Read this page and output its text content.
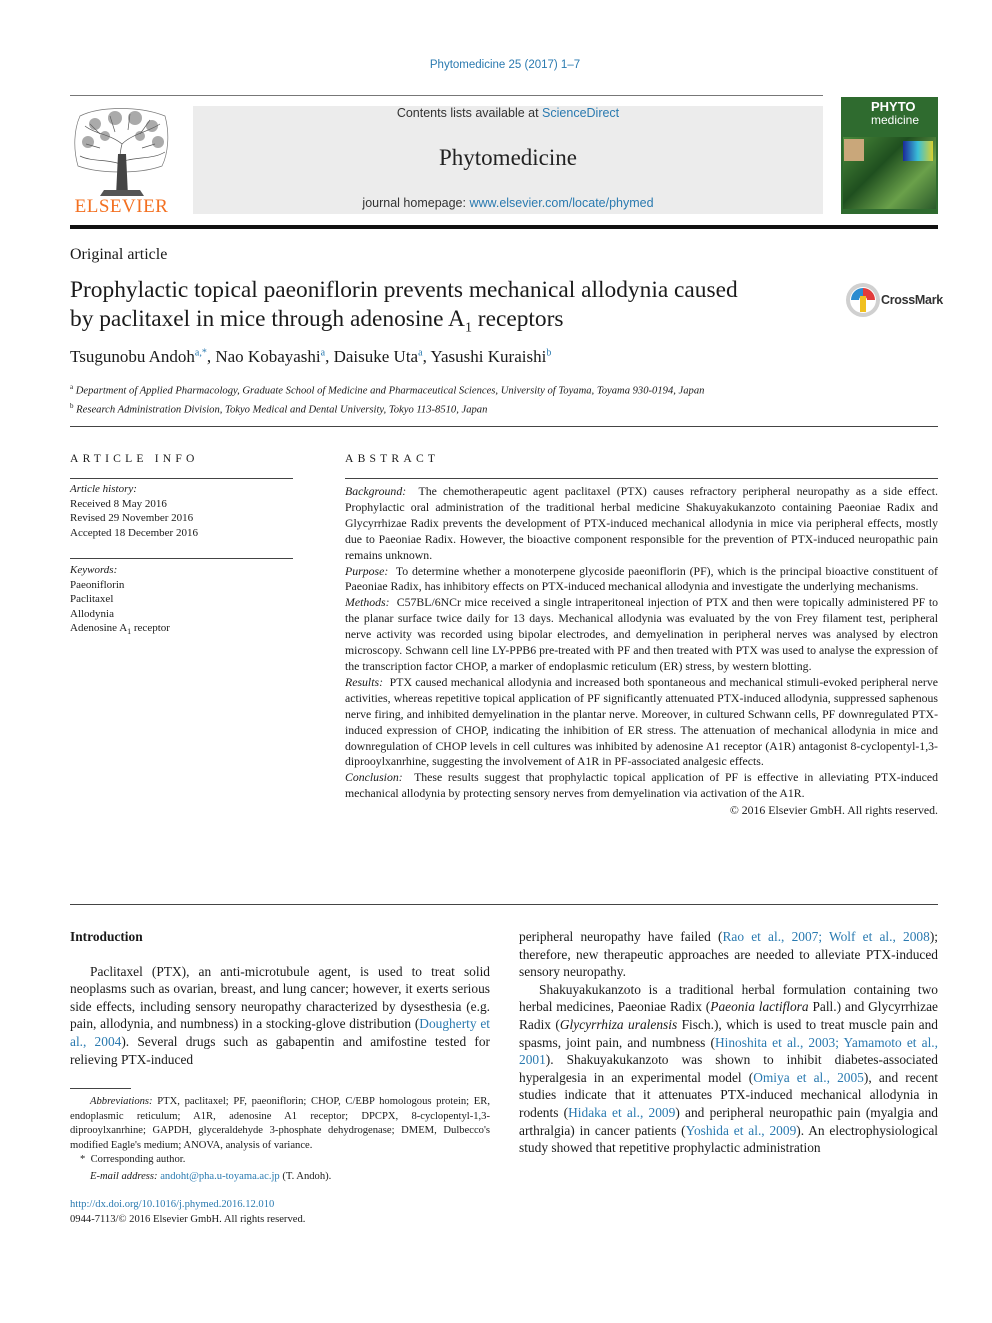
Phytomedicine 25 (2017) 1–7
ELSEVIER
Contents lists available at ScienceDirect
Phytomedicine
journal homepage: www.elsevier.com/locate/phymed
PHYTO
medicine
Original article
Prophylactic topical paeoniflorin prevents mechanical allodynia caused
by paclitaxel in mice through adenosine $A_1$ receptors
CrossMark
Tsugunobu Andoh$^{a,*}$, Nao Kobayashi$^a$, Daisuke Uta$^a$, Yasushi Kuraishi$^b$
$^a$ Department of Applied Pharmacology, Graduate School of Medicine and Pharmaceutical Sciences, University of Toyama, Toyama 930-0194, Japan
$^b$ Research Administration Division, Tokyo Medical and Dental University, Tokyo 113-8510, Japan
ARTICLE INFO
Article history:
Received 8 May 2016
Revised 29 November 2016
Accepted 18 December 2016
Keywords:
Paeoniflorin
Paclitaxel
Allodynia
Adenosine $A_1$ receptor
ABSTRACT

Background: The chemotherapeutic agent paclitaxel (PTX) causes refractory peripheral neuropathy as a side effect. Prophylactic oral administration of the traditional herbal medicine Shakuyakukanzoto containing Paeoniae Radix and Glycyrrhizae Radix prevents the development of PTX-induced mechanical allodynia in mice via peripheral effects, mostly due to Paeoniae Radix. However, the bioactive component responsible for the prevention of PTX-induced neuropathic pain remains unknown.

Purpose: To determine whether a monoterpene glycoside paeoniflorin (PF), which is the principal bioactive constituent of Paeoniae Radix, has inhibitory effects on PTX-induced mechanical allodynia and investigate the underlying mechanisms.

Methods: C57BL/6NCr mice received a single intraperitoneal injection of PTX and then were topically administered PF to the planar surface twice daily for 13 days. Mechanical allodynia was evaluated by the von Frey filament test, peripheral nerve activity was recorded using bipolar electrodes, and demyelination in peripheral nerves was analysed by electron microscopy. Schwann cell line LY-PPB6 pre-treated with PF and then treated with PTX was used to analyse the expression of the transcription factor CHOP, a marker of endoplasmic reticulum (ER) stress, by western blotting.

Results: PTX caused mechanical allodynia and increased both spontaneous and mechanical stimuli-evoked peripheral nerve activities, whereas repetitive topical application of PF significantly attenuated PTX-induced allodynia, suppressed saphenous nerve firing, and inhibited demyelination in the plantar nerve. Moreover, in cultured Schwann cells, PF downregulated PTX-induced expression of CHOP, indicating the inhibition of ER stress. The attenuation of mechanical allodynia in mice and downregulation of CHOP levels in cell cultures was inhibited by adenosine A1 receptor (A1R) antagonist 8-cyclopentyl-1,3-diprooylxanrhine, suggesting the involvement of A1R in PF-associated analgesic effects.

Conclusion: These results suggest that prophylactic topical application of PF is effective in alleviating PTX-induced mechanical allodynia by protecting sensory nerves from demyelination via activation of the A1R.

© 2016 Elsevier GmbH. All rights reserved.

Introduction

Paclitaxel (PTX), an anti-microtubule agent, is used to treat solid neoplasms such as ovarian, breast, and lung cancer; however, it exerts serious side effects, including sensory neuropathy characterized by dysesthesia (e.g. pain, allodynia, and numbness) in a stocking-glove distribution (Dougherty et al., 2004). Several drugs such as gabapentin and amifostine tested for relieving PTX-induced

peripheral neuropathy have failed (Rao et al., 2007; Wolf et al., 2008); therefore, new therapeutic approaches are needed to alleviate PTX-induced sensory neuropathy.

Shakuyakukanzoto is a traditional herbal formulation containing two herbal medicines, Paeoniae Radix (Paeonia lactiflora Pall.) and Glycyrrhizae Radix (Glycyrrhiza uralensis Fisch.), which is used to treat muscle pain and spasms, joint pain, and numbness (Hinoshita et al., 2003; Yamamoto et al., 2001). Shakuyakukanzoto was shown to inhibit diabetes-associated hyperalgesia in an experimental model (Omiya et al., 2005), and recent studies indicate that it attenuates PTX-induced mechanical allodynia in rodents (Hidaka et al., 2009) and peripheral neuropathic pain (myalgia and arthralgia) in cancer patients (Yoshida et al., 2009). An electrophysiological study showed that repetitive prophylactic administration

Abbreviations: PTX, paclitaxel; PF, paeoniflorin; CHOP, C/EBP homologous protein; ER, endoplasmic reticulum; A1R, adenosine A1 receptor; DPCPX, 8-cyclopentyl-1,3-diprooylxanrhine; GAPDH, glyceraldehyde 3-phosphate dehydrogenase; DMEM, Dulbecco's modified Eagle's medium; ANOVA, analysis of variance.
* Corresponding author.
E-mail address: andoht@pha.u-toyama.ac.jp (T. Andoh).
http://dx.doi.org/10.1016/j.phymed.2016.12.010
0944-7113/© 2016 Elsevier GmbH. All rights reserved.
